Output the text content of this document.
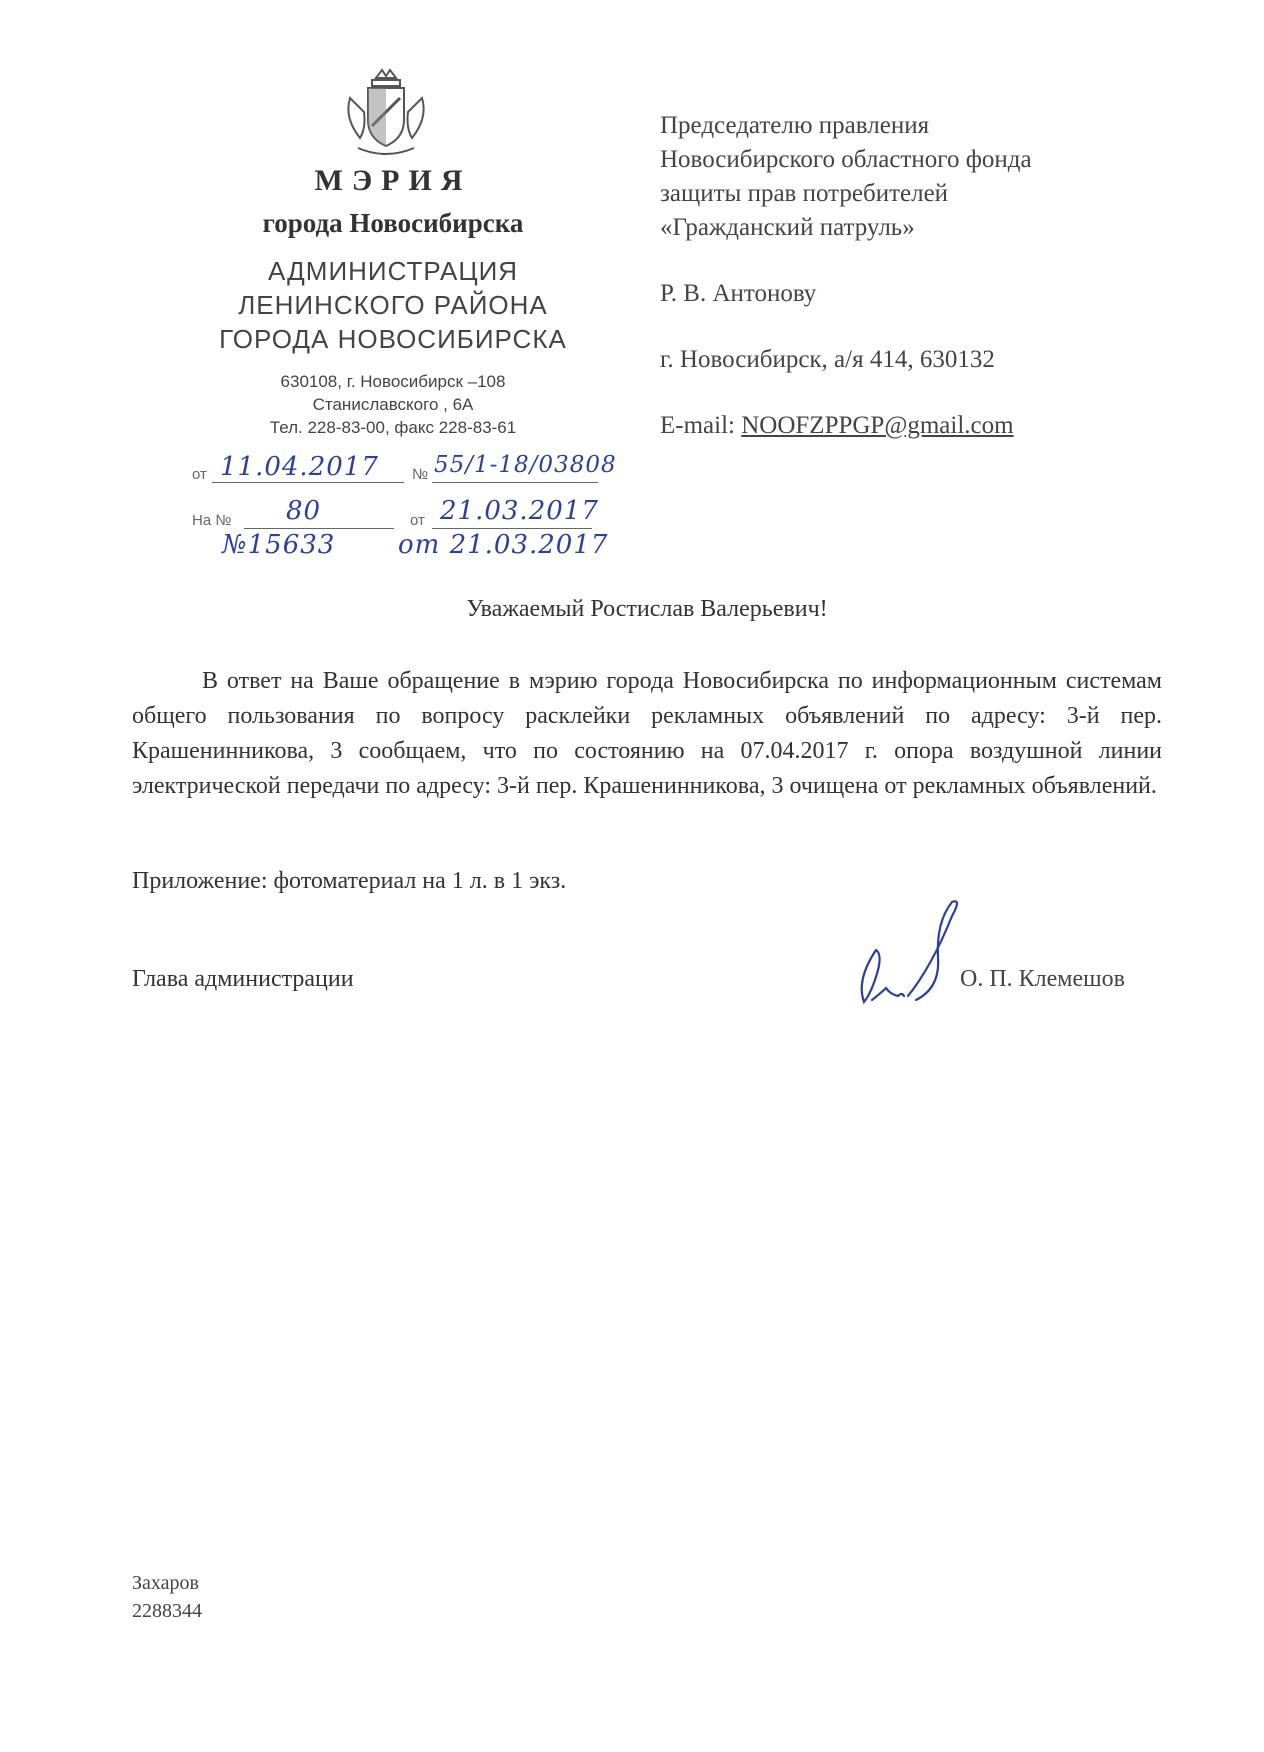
МЭРИЯ
города Новосибирска
АДМИНИСТРАЦИЯ
ЛЕНИНСКОГО РАЙОНА
ГОРОДА НОВОСИБИРСКА
630108, г. Новосибирск –108
Станиславского , 6А
Тел. 228-83-00, факс 228-83-61
от 11.04.2017 № 55/1-18/03808
На № 80	от 21.03.2017
№15633 от 21.03.2017
Председателю правления
Новосибирского областного фонда
защиты прав потребителей
«Гражданский патруль»
Р. В. Антонову
г. Новосибирск, а/я 414, 630132
E-mail: NOOFZPPGP@gmail.com
Уважаемый Ростислав Валерьевич!
В ответ на Ваше обращение в мэрию города Новосибирска по информационным системам общего пользования по вопросу расклейки рекламных объявлений по адресу: 3-й пер. Крашенинникова, 3 сообщаем, что по состоянию на 07.04.2017 г. опора воздушной линии электрической передачи по адресу: 3-й пер. Крашенинникова, 3 очищена от рекламных объявлений.
Приложение: фотоматериал на 1 л. в 1 экз.
Глава администрации	О. П. Клемешов
Захаров
2288344
